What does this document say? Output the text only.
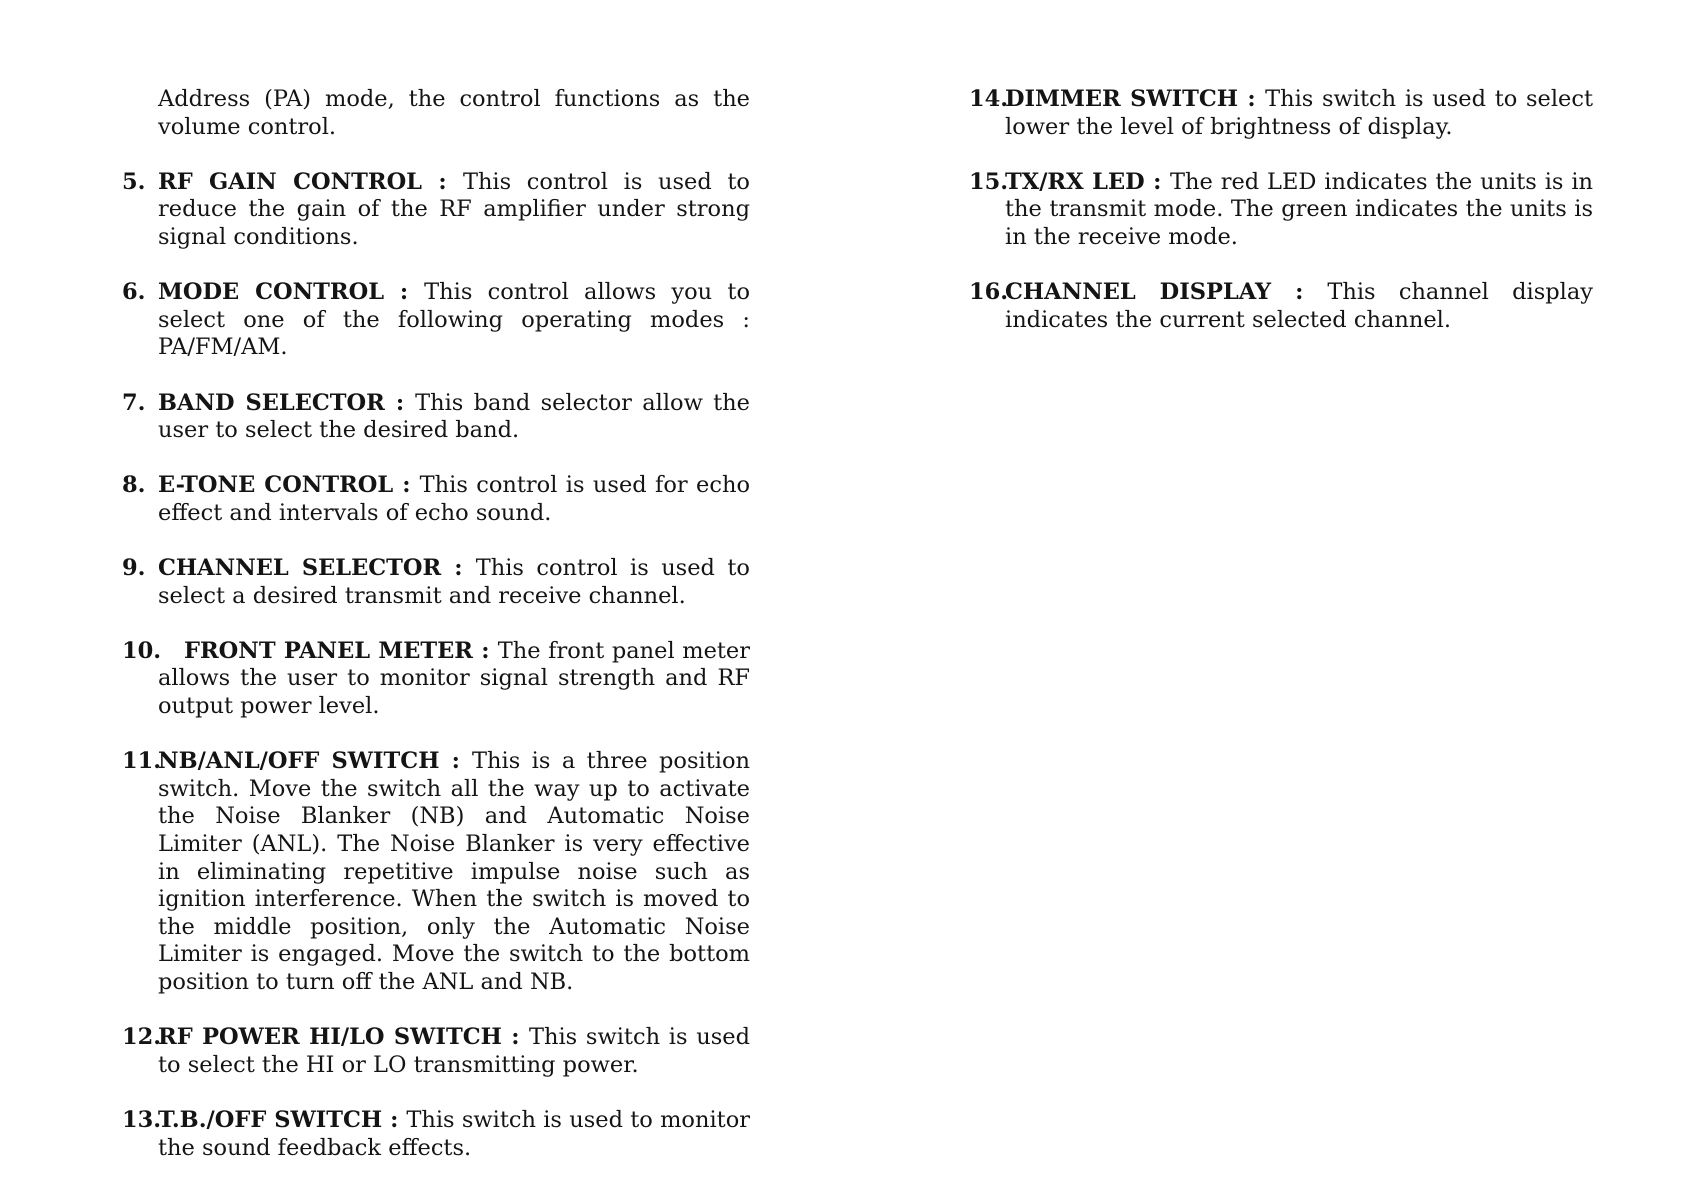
Address (PA) mode, the control functions as the volume control.
5. RF GAIN CONTROL : This control is used to reduce the gain of the RF amplifier under strong signal conditions.
6. MODE CONTROL : This control allows you to select one of the following operating modes : PA/FM/AM.
7. BAND SELECTOR : This band selector allow the user to select the desired band.
8. E-TONE CONTROL : This control is used for echo effect and intervals of echo sound.
9. CHANNEL SELECTOR : This control is used to select a desired transmit and receive channel.
10. FRONT PANEL METER : The front panel meter allows the user to monitor signal strength and RF output power level.
11.
NB/ANL/OFF SWITCH : This is a three position switch. Move the switch all the way up to activate the Noise Blanker (NB) and Automatic Noise Limiter (ANL). The Noise Blanker is very effective in eliminating repetitive impulse noise such as ignition interference. When the switch is moved to the middle position, only the Automatic Noise Limiter is engaged. Move the switch to the bottom position to turn off the ANL and NB.
12.
RF POWER HI/LO SWITCH : This switch is used to select the HI or LO transmitting power.
13.
T.B./OFF SWITCH : This switch is used to monitor the sound feedback effects.
14.
DIMMER SWITCH : This switch is used to select lower the level of brightness of display.
15.
TX/RX LED : The red LED indicates the units is in the transmit mode. The green indicates the units is in the receive mode.
16.
CHANNEL DISPLAY : This channel display indicates the current selected channel.
